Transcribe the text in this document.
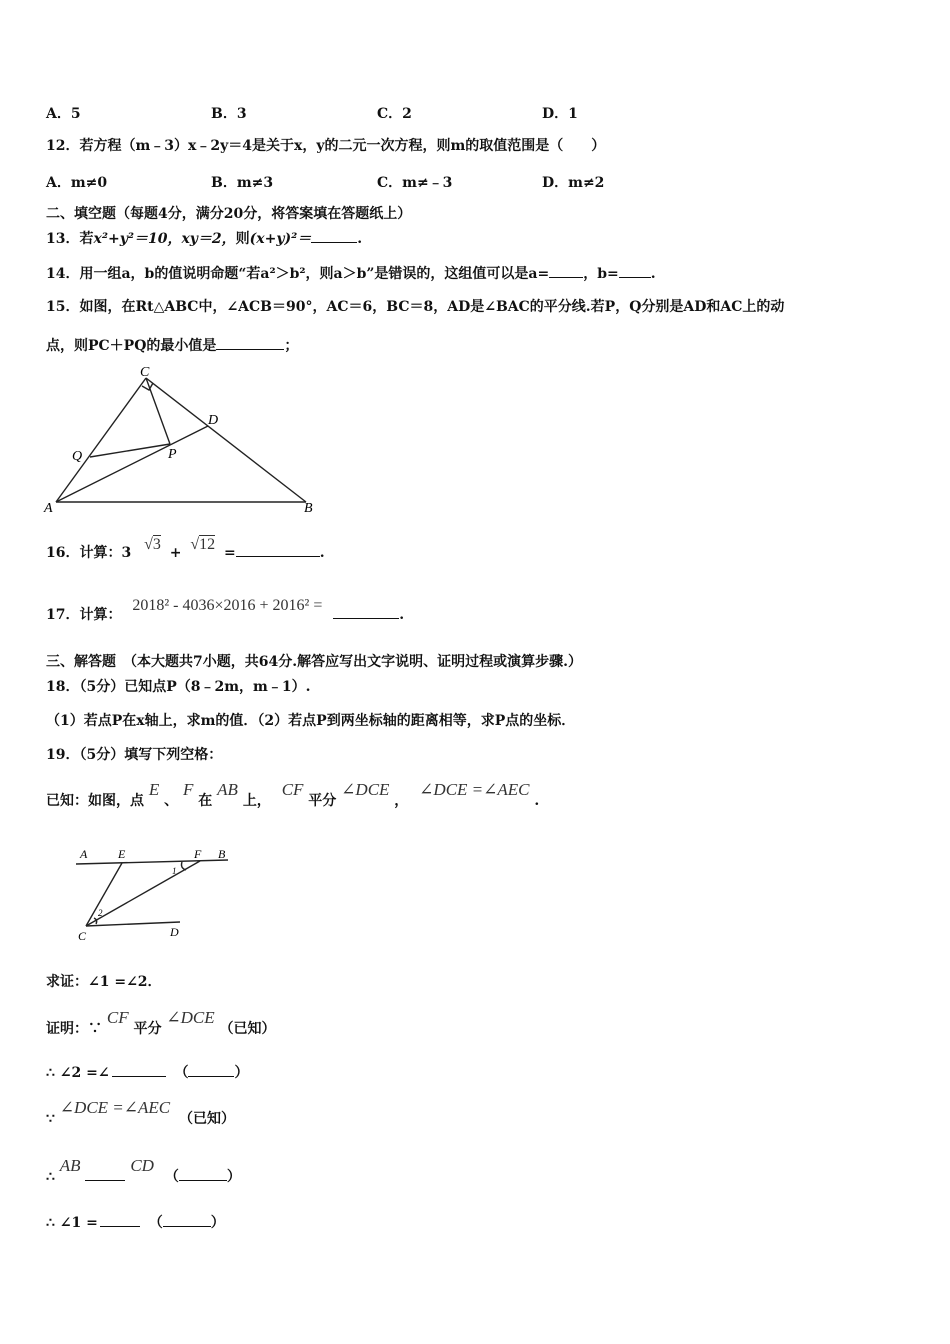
A．5	B．3	C．2	D．1
12．若方程（m﹣3）x﹣2y＝4是关于x，y的二元一次方程，则m的取值范围是（　　）
A．m≠0	B．m≠3	C．m≠﹣3	D．m≠2
二、填空题（每题4分，满分20分，将答案填在答题纸上）
13．若x²+y²＝10，xy＝2，则(x+y)²＝	.
14．用一组a，b的值说明命题“若a²＞b²，则a＞b”是错误的，这组值可以是a= ，b= .
15．如图，在Rt△ABC中，∠ACB＝90°，AC＝6，BC＝8，AD是∠BAC的平分线.若P，Q分别是AD和AC上的动
点，则PC＋PQ的最小值是	；
C
D
Q	P
A	B
16．计算：3 √3 + √12 =	.
17．计算： 2018² - 4036×2016 + 2016² = .
三、解答题　（本大题共7小题，共64分.解答应写出文字说明、证明过程或演算步骤.）
18．（5分）已知点P（8﹣2m，m﹣1）.
（1）若点P在x轴上，求m的值．（2）若点P到两坐标轴的距离相等，求P点的坐标．
19．（5分）填写下列空格：
已知：如图，点 E 、 F 在 AB 上， CF 平分 ∠DCE ， ∠DCE =∠AEC .
A	E	F B
C	D
1
2
求证：∠1 =∠2．
证明：∵ CF 平分 ∠DCE （已知）
∴ ∠2 =∠	（	）
∵ ∠DCE =∠AEC （已知）
∴ AB	CD （	）
∴ ∠1 =	（	）
